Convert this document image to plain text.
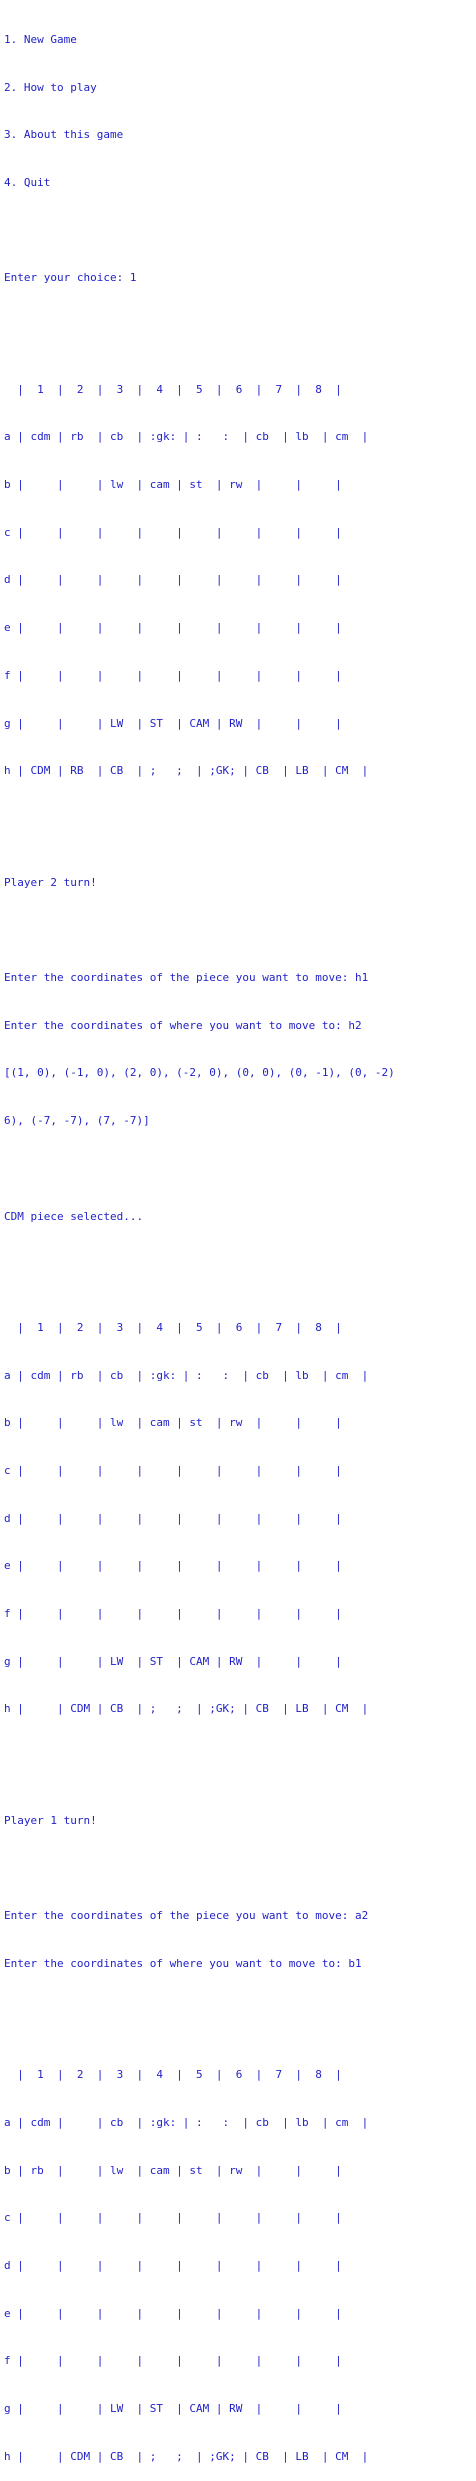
1. New Game

2. How to play

3. About this game

4. Quit

Enter your choice: 1

|  1  |  2  |  3  |  4  |  5  |  6  |  7  |  8  |

a | cdm | rb  | cb  | :gk: | :   :  | cb  | lb  | cm  |

b |     |     | lw  | cam | st  | rw  |     |     |

c |     |     |     |     |     |     |     |     |

d |     |     |     |     |     |     |     |     |

e |     |     |     |     |     |     |     |     |

f |     |     |     |     |     |     |     |     |

g |     |     | LW  | ST  | CAM | RW  |     |     |

h | CDM | RB  | CB  | ;   ;  | ;GK; | CB  | LB  | CM  |

Player 2 turn!

Enter the coordinates of the piece you want to move: h1

Enter the coordinates of where you want to move to: h2

[(1, 0), (-1, 0), (2, 0), (-2, 0), (0, 0), (0, -1), (0, -2)

6), (-7, -7), (7, -7)]

CDM piece selected...

|  1  |  2  |  3  |  4  |  5  |  6  |  7  |  8  |

a | cdm | rb  | cb  | :gk: | :   :  | cb  | lb  | cm  |

b |     |     | lw  | cam | st  | rw  |     |     |

c |     |     |     |     |     |     |     |     |

d |     |     |     |     |     |     |     |     |

e |     |     |     |     |     |     |     |     |

f |     |     |     |     |     |     |     |     |

g |     |     | LW  | ST  | CAM | RW  |     |     |

h |     | CDM | CB  | ;   ;  | ;GK; | CB  | LB  | CM  |

Player 1 turn!

Enter the coordinates of the piece you want to move: a2

Enter the coordinates of where you want to move to: b1

|  1  |  2  |  3  |  4  |  5  |  6  |  7  |  8  |

a | cdm |     | cb  | :gk: | :   :  | cb  | lb  | cm  |

b | rb  |     | lw  | cam | st  | rw  |     |     |

c |     |     |     |     |     |     |     |     |

d |     |     |     |     |     |     |     |     |

e |     |     |     |     |     |     |     |     |

f |     |     |     |     |     |     |     |     |

g |     |     | LW  | ST  | CAM | RW  |     |     |

h |     | CDM | CB  | ;   ;  | ;GK; | CB  | LB  | CM  |
